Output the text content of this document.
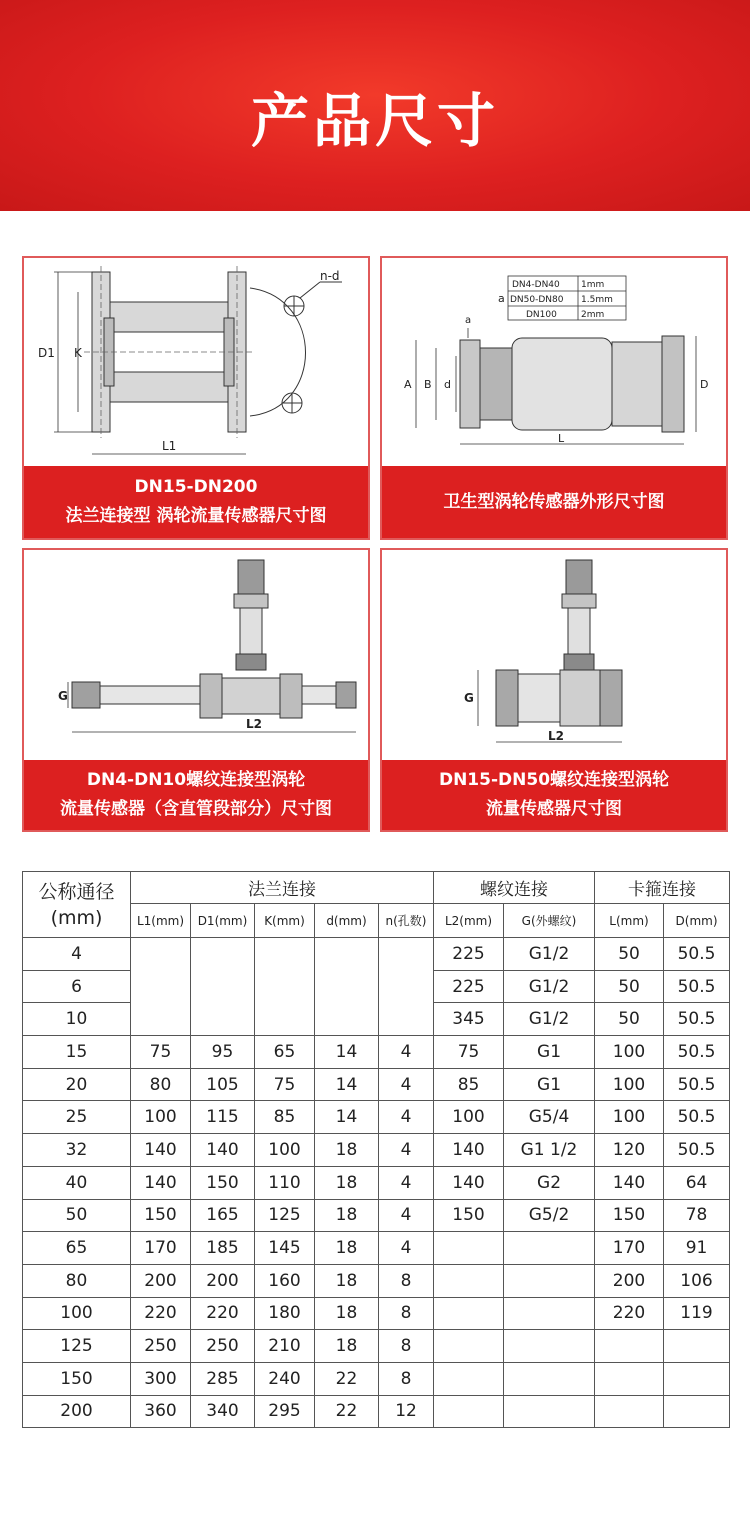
产品尺寸
n-d
D1 K
L1
DN15-DN200
法兰连接型 涡轮流量传感器尺寸图
a
DN4-DN40 1mm
DN50-DN80 1.5mm
DN100	2mm
a
A B d	D
L
卫生型涡轮传感器外形尺寸图
G
L2
DN4-DN10螺纹连接型涡轮
流量传感器（含直管段部分）尺寸图
G
L2
DN15-DN50螺纹连接型涡轮
流量传感器尺寸图
公称通径
(mm)	法兰连接					螺纹连接		卡箍连接	
	L1(mm)	D1(mm)	K(mm)	d(mm)	n(孔数)	L2(mm)	G(外螺纹)	L(mm)	D(mm)
4						225	G1/2	50	50.5
6						225	G1/2	50	50.5
10						345	G1/2	50	50.5
15	75	95	65	14	4	75	G1	100	50.5
20	80	105	75	14	4	85	G1	100	50.5
25	100	115	85	14	4	100	G5/4	100	50.5
32	140	140	100	18	4	140	G1 1/2	120	50.5
40	140	150	110	18	4	140	G2	140	64
50	150	165	125	18	4	150	G5/2	150	78
65	170	185	145	18	4			170	91
80	200	200	160	18	8			200	106
100	220	220	180	18	8			220	119
125	250	250	210	18	8				
150	300	285	240	22	8				
200	360	340	295	22	12				
